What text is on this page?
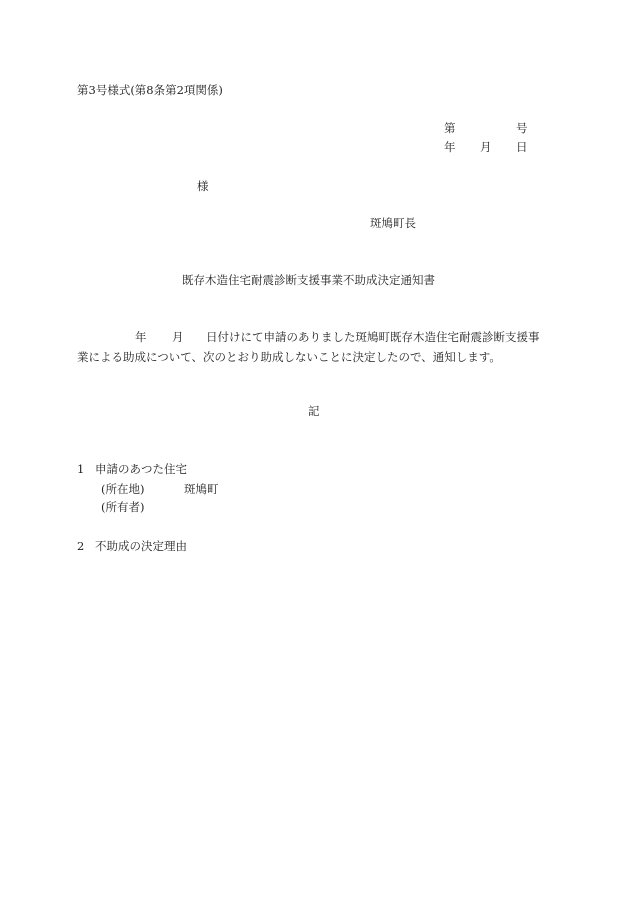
第3号様式(第8条第2項関係)
第	号
年 月 日
様
斑鳩町長
既存木造住宅耐震診断支援事業不助成決定通知書
年 月 日付けにて申請のありました斑鳩町既存木造住宅耐震診断支援事
業による助成について、次のとおり助成しないことに決定したので、通知します。
記
1 申請のあつた住宅
(所在地)	斑鳩町
(所有者)
2 不助成の決定理由
